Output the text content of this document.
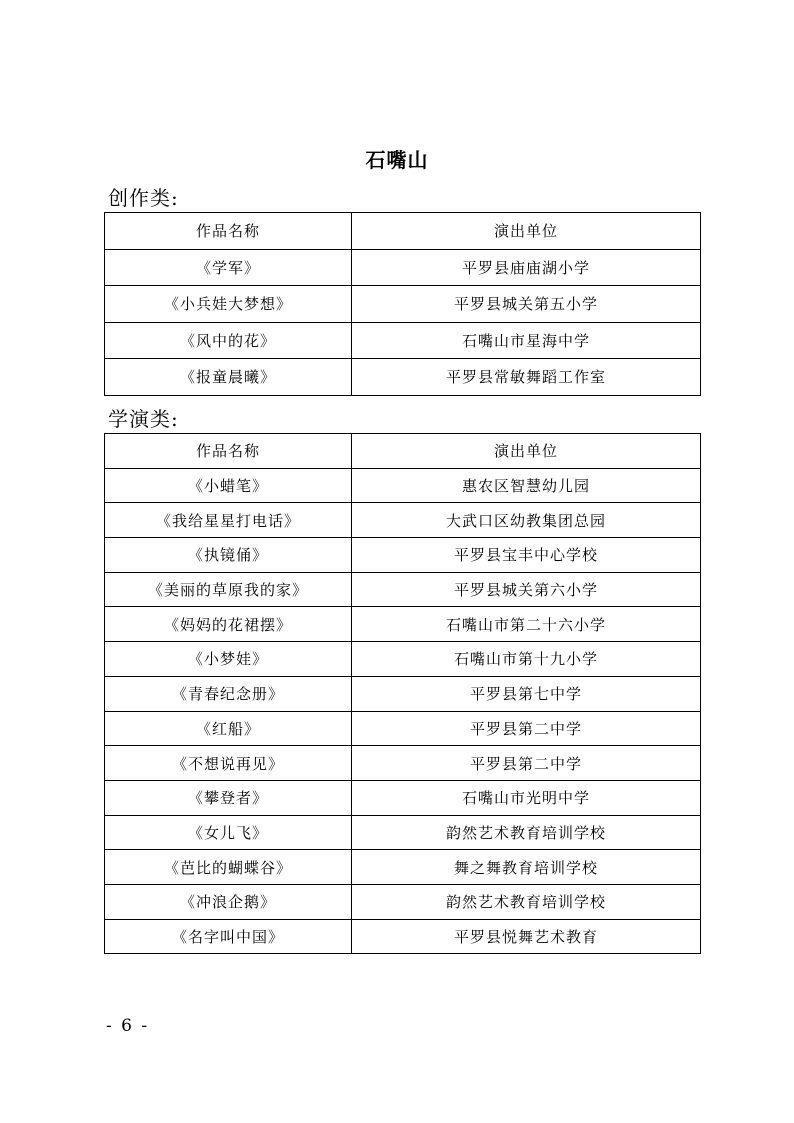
石嘴山
创作类:
作品名称	演出单位
《学军》	平罗县庙庙湖小学
《小兵娃大梦想》	平罗县城关第五小学
《风中的花》	石嘴山市星海中学
《报童晨曦》	平罗县常敏舞蹈工作室
学演类:
作品名称	演出单位
《小蜡笔》	惠农区智慧幼儿园
《我给星星打电话》	大武口区幼教集团总园
《执镜俑》	平罗县宝丰中心学校
《美丽的草原我的家》	平罗县城关第六小学
《妈妈的花裙摆》	石嘴山市第二十六小学
《小梦娃》	石嘴山市第十九小学
《青春纪念册》	平罗县第七中学
《红船》	平罗县第二中学
《不想说再见》	平罗县第二中学
《攀登者》	石嘴山市光明中学
《女儿飞》	韵然艺术教育培训学校
《芭比的蝴蝶谷》	舞之舞教育培训学校
《冲浪企鹅》	韵然艺术教育培训学校
《名字叫中国》	平罗县悦舞艺术教育
- 6 -
